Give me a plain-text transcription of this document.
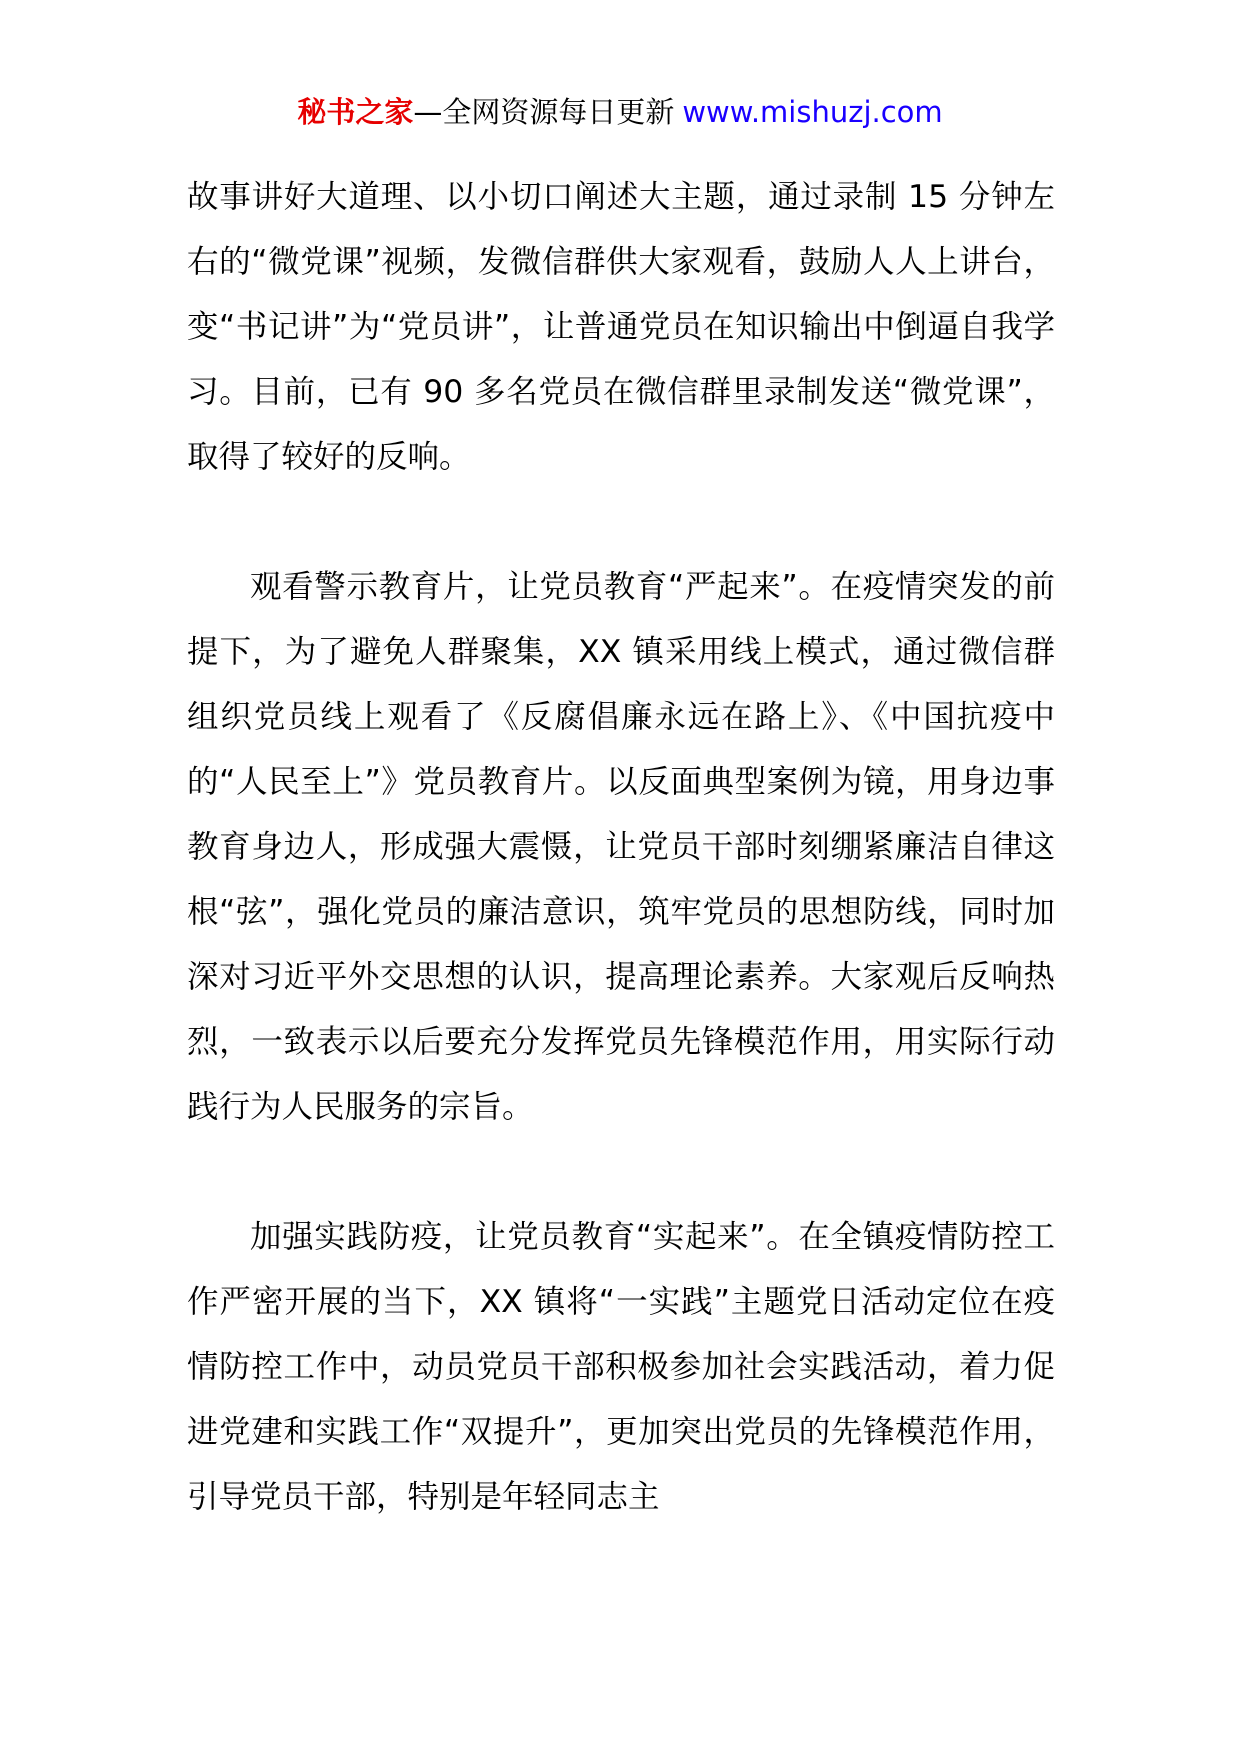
秘书之家—全网资源每日更新 www.mishuzj.com

故事讲好大道理、以小切口阐述大主题，通过录制 15 分钟左右的“微党课”视频，发微信群供大家观看，鼓励人人上讲台，变“书记讲”为“党员讲”，让普通党员在知识输出中倒逼自我学习。目前，已有 90 多名党员在微信群里录制发送“微党课”，取得了较好的反响。

观看警示教育片，让党员教育“严起来”。在疫情突发的前提下，为了避免人群聚集，XX 镇采用线上模式，通过微信群组织党员线上观看了《反腐倡廉永远在路上》、《中国抗疫中的“人民至上”》党员教育片。以反面典型案例为镜，用身边事教育身边人，形成强大震慑，让党员干部时刻绷紧廉洁自律这根“弦”，强化党员的廉洁意识，筑牢党员的思想防线，同时加深对习近平外交思想的认识，提高理论素养。大家观后反响热烈，一致表示以后要充分发挥党员先锋模范作用，用实际行动践行为人民服务的宗旨。

加强实践防疫，让党员教育“实起来”。在全镇疫情防控工作严密开展的当下，XX 镇将“一实践”主题党日活动定位在疫情防控工作中，动员党员干部积极参加社会实践活动，着力促进党建和实践工作“双提升”，更加突出党员的先锋模范作用，引导党员干部，特别是年轻同志主
